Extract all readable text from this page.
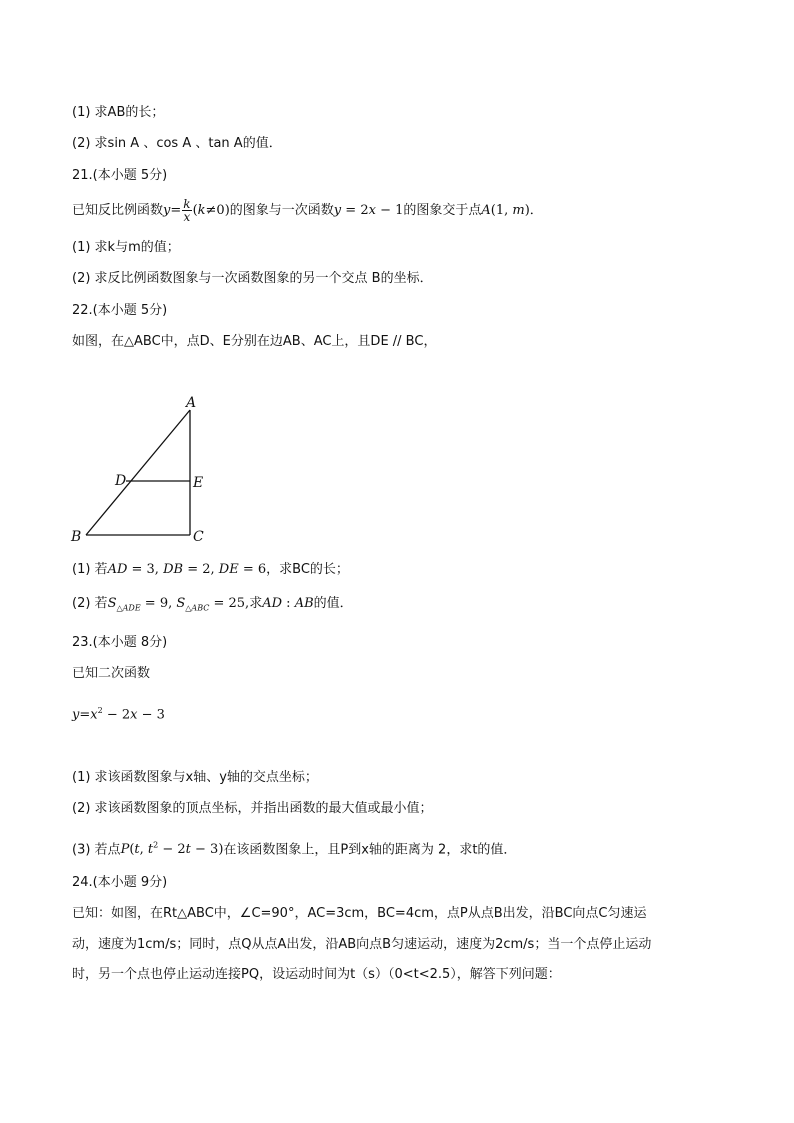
(1) 求AB的长；
(2) 求sin A 、cos A 、tan A的值．
21.(本小题 5分)
已知反比例函数$y= \frac{k}{x} (k\ne 0)$的图象与一次函数y = 2x − 1的图象交于点A(1, m)．
(1) 求k与m的值；
(2) 求反比例函数图象与一次函数图象的另一个交点 B的坐标．
22.(本小题 5分)
如图，在△ABC中，点D、E分别在边AB、AC上，且DE // BC，
A
B	C
D	E
(1) 若AD = 3, DB = 2, DE = 6，求BC的长；
(2) 若$S_{\triangle ADE} = 9$, $S_{\triangle ABC} = 25$,求AD : AB的值．
23.(本小题 8分)
已知二次函数
$y=x^2 - 2x - 3$
(1) 求该函数图象与x轴、y轴的交点坐标；
(2) 求该函数图象的顶点坐标，并指出函数的最大值或最小值；
(3) 若点P(t, $t^2 - 2t - 3$)在该函数图象上，且P到x轴的距离为 2，求t的值．
24.(本小题 9分)
已知：如图，在Rt△ABC中，∠C=90°，AC=3cm，BC=4cm，点P从点B出发，沿BC向点C匀速运
动，速度为1cm/s；同时，点Q从点A出发，沿AB向点B匀速运动，速度为2cm/s；当一个点停止运动
时，另一个点也停止运动连接PQ，设运动时间为t（s）（0<t<2.5），解答下列问题：
